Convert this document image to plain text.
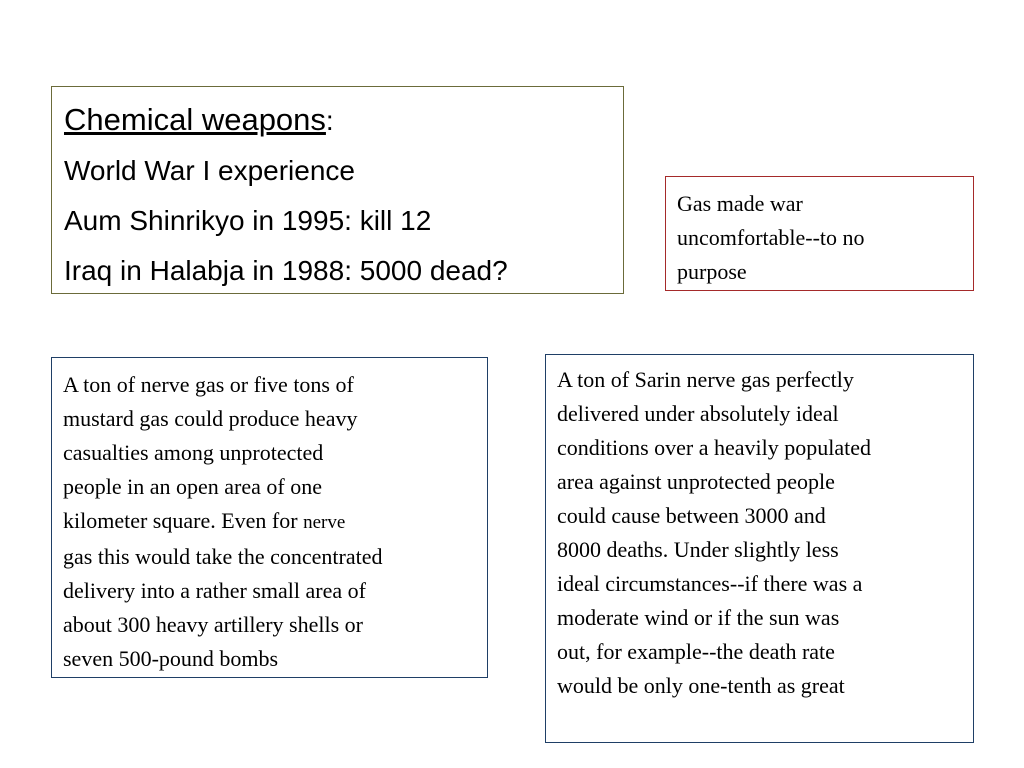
Chemical weapons:
World War I experience
Aum Shinrikyo in 1995: kill 12
Iraq in Halabja in 1988: 5000 dead?
Gas made war
uncomfortable--to no
purpose
A ton of nerve gas or five tons of
mustard gas could produce heavy
casualties among unprotected
people in an open area of one
kilometer square. Even for nerve
gas this would take the concentrated
delivery into a rather small area of
about 300 heavy artillery shells or
seven 500-pound bombs
A ton of Sarin nerve gas perfectly
delivered under absolutely ideal
conditions over a heavily populated
area against unprotected people
could cause between 3000 and
8000 deaths. Under slightly less
ideal circumstances--if there was a
moderate wind or if the sun was
out, for example--the death rate
would be only one-tenth as great
